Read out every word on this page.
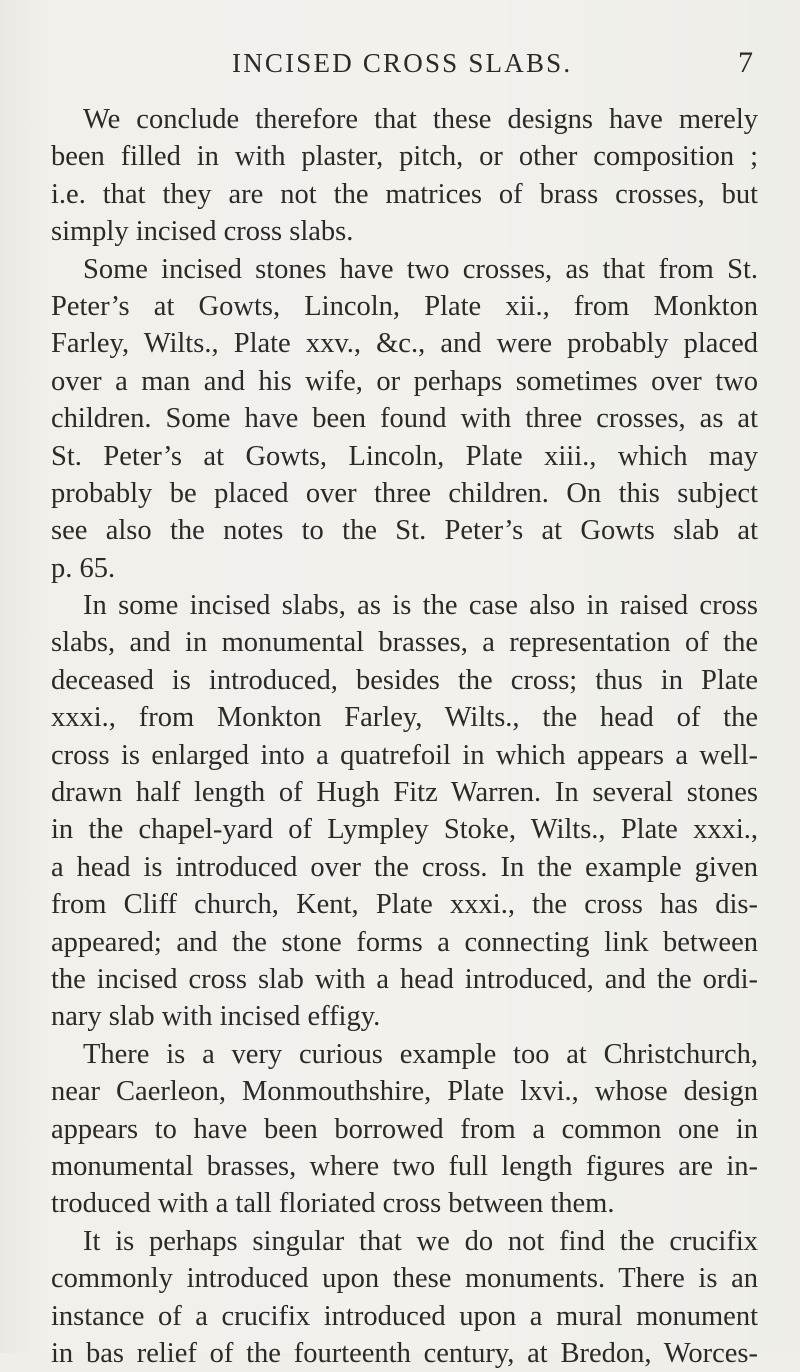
INCISED CROSS SLABS.	7
We conclude therefore that these designs have merely
been filled in with plaster, pitch, or other composition ;
i.e. that they are not the matrices of brass crosses, but
simply incised cross slabs.
Some incised stones have two crosses, as that from St.
Peter’s at Gowts, Lincoln, Plate xii., from Monkton
Farley, Wilts., Plate xxv., &c., and were probably placed
over a man and his wife, or perhaps sometimes over two
children. Some have been found with three crosses, as at
St. Peter’s at Gowts, Lincoln, Plate xiii., which may
probably be placed over three children. On this subject
see also the notes to the St. Peter’s at Gowts slab at
p. 65.
In some incised slabs, as is the case also in raised cross
slabs, and in monumental brasses, a representation of the
deceased is introduced, besides the cross; thus in Plate
xxxi., from Monkton Farley, Wilts., the head of the
cross is enlarged into a quatrefoil in which appears a well-
drawn half length of Hugh Fitz Warren. In several stones
in the chapel-yard of Lympley Stoke, Wilts., Plate xxxi.,
a head is introduced over the cross. In the example given
from Cliff church, Kent, Plate xxxi., the cross has dis-
appeared; and the stone forms a connecting link between
the incised cross slab with a head introduced, and the ordi-
nary slab with incised effigy.
There is a very curious example too at Christchurch,
near Caerleon, Monmouthshire, Plate lxvi., whose design
appears to have been borrowed from a common one in
monumental brasses, where two full length figures are in-
troduced with a tall floriated cross between them.
It is perhaps singular that we do not find the crucifix
commonly introduced upon these monuments. There is an
instance of a crucifix introduced upon a mural monument
in bas relief of the fourteenth century, at Bredon, Worces-
